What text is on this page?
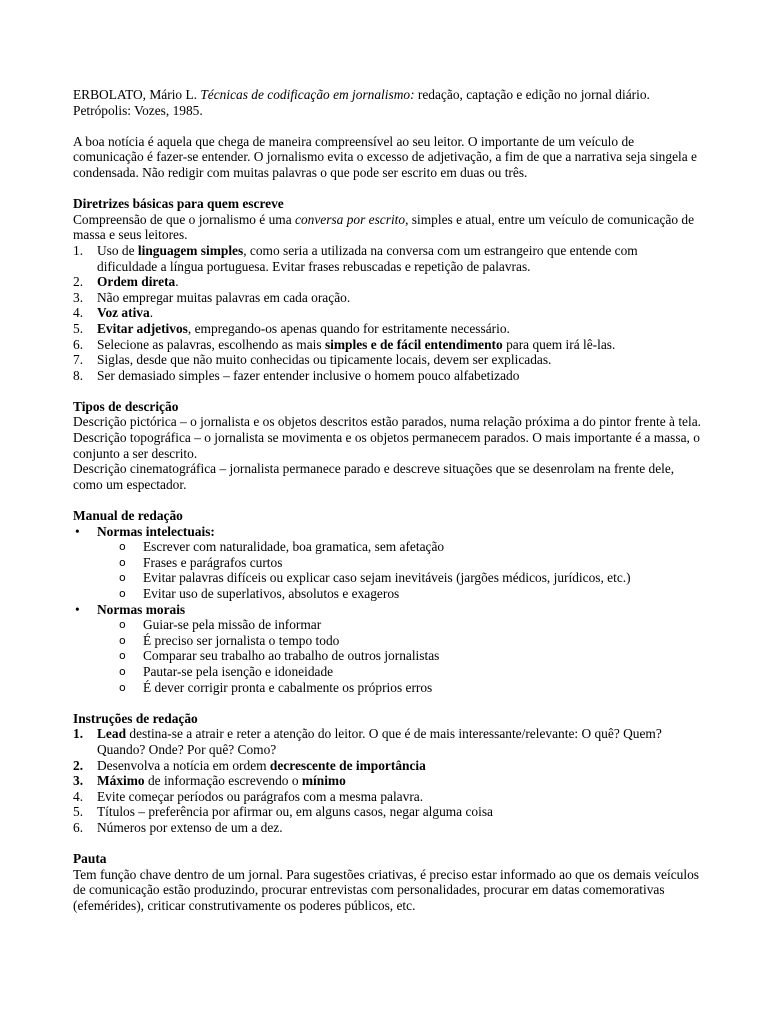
ERBOLATO, Mário L. Técnicas de codificação em jornalismo: redação, captação e edição no jornal diário. Petrópolis: Vozes, 1985.

A boa notícia é aquela que chega de maneira compreensível ao seu leitor. O importante de um veículo de comunicação é fazer-se entender. O jornalismo evita o excesso de adjetivação, a fim de que a narrativa seja singela e condensada. Não redigir com muitas palavras o que pode ser escrito em duas ou três.

Diretrizes básicas para quem escreve

Compreensão de que o jornalismo é uma conversa por escrito, simples e atual, entre um veículo de comunicação de massa e seus leitores.

1. Uso de linguagem simples, como seria a utilizada na conversa com um estrangeiro que entende com dificuldade a língua portuguesa. Evitar frases rebuscadas e repetição de palavras.
2. Ordem direta.
3. Não empregar muitas palavras em cada oração.
4. Voz ativa.
5. Evitar adjetivos, empregando-os apenas quando for estritamente necessário.
6. Selecione as palavras, escolhendo as mais simples e de fácil entendimento para quem irá lê-las.
7. Siglas, desde que não muito conhecidas ou tipicamente locais, devem ser explicadas.
8. Ser demasiado simples – fazer entender inclusive o homem pouco alfabetizado

Tipos de descrição

Descrição pictórica – o jornalista e os objetos descritos estão parados, numa relação próxima a do pintor frente à tela.

Descrição topográfica – o jornalista se movimenta e os objetos permanecem parados. O mais importante é a massa, o conjunto a ser descrito.

Descrição cinematográfica – jornalista permanece parado e descreve situações que se desenrolam na frente dele, como um espectador.

Manual de redação

• Normas intelectuais:
o Escrever com naturalidade, boa gramatica, sem afetação
o Frases e parágrafos curtos
o Evitar palavras difíceis ou explicar caso sejam inevitáveis (jargões médicos, jurídicos, etc.)
o Evitar uso de superlativos, absolutos e exageros
• Normas morais
o Guiar-se pela missão de informar
o É preciso ser jornalista o tempo todo
o Comparar seu trabalho ao trabalho de outros jornalistas
o Pautar-se pela isenção e idoneidade
o É dever corrigir pronta e cabalmente os próprios erros

Instruções de redação

1. Lead destina-se a atrair e reter a atenção do leitor. O que é de mais interessante/relevante: O quê? Quem? Quando? Onde? Por quê? Como?
2. Desenvolva a notícia em ordem decrescente de importância
3. Máximo de informação escrevendo o mínimo
4. Evite começar períodos ou parágrafos com a mesma palavra.
5. Títulos – preferência por afirmar ou, em alguns casos, negar alguma coisa
6. Números por extenso de um a dez.

Pauta

Tem função chave dentro de um jornal. Para sugestões criativas, é preciso estar informado ao que os demais veículos de comunicação estão produzindo, procurar entrevistas com personalidades, procurar em datas comemorativas (efemérides), criticar construtivamente os poderes públicos, etc.
